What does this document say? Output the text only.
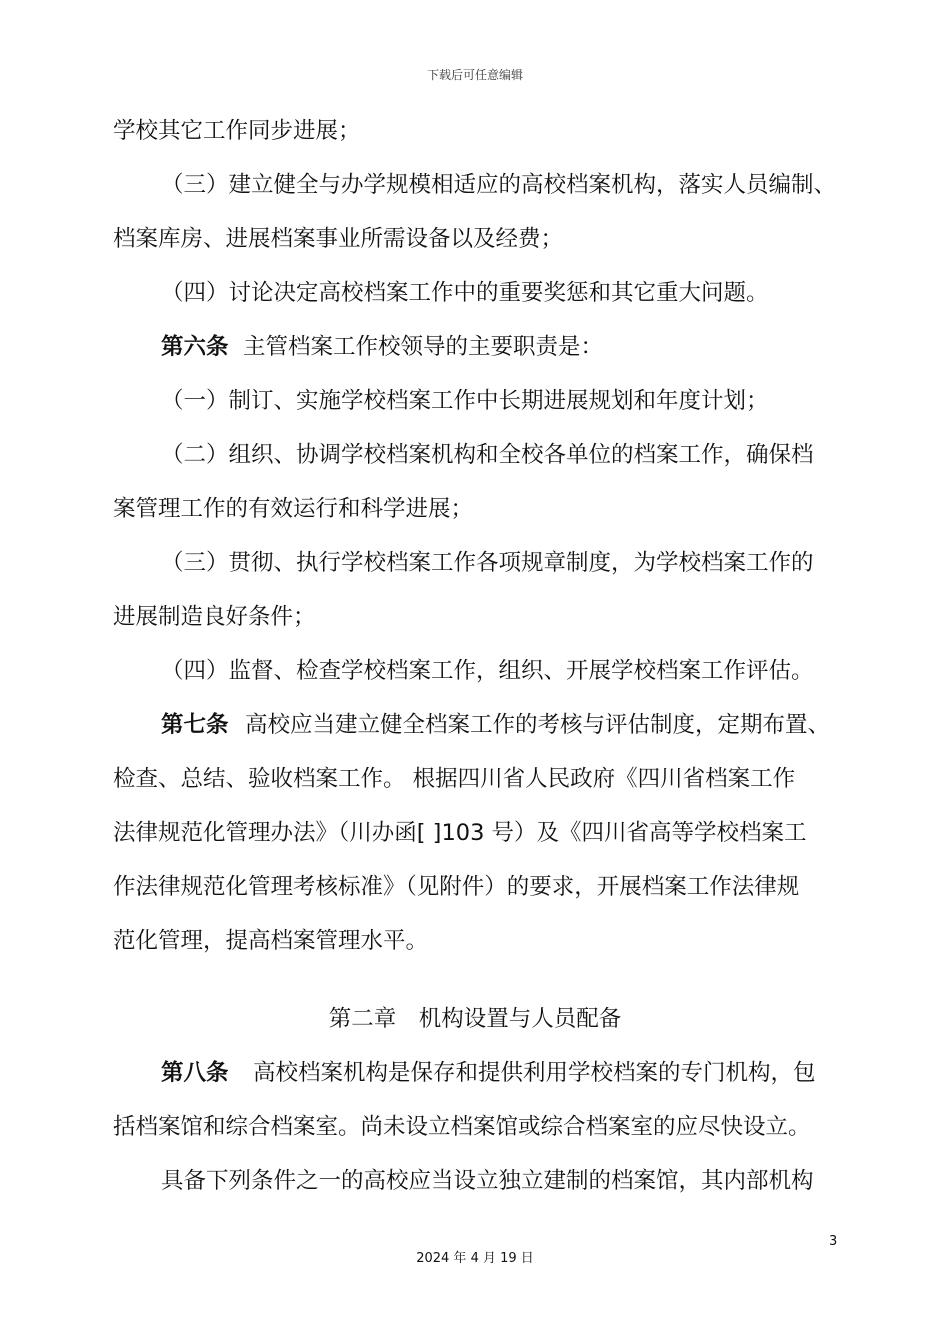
下载后可任意编辑
学校其它工作同步进展；
（三）建立健全与办学规模相适应的高校档案机构，落实人员编制、
档案库房、进展档案事业所需设备以及经费；
（四）讨论决定高校档案工作中的重要奖惩和其它重大问题。
第六条 主管档案工作校领导的主要职责是：
（一）制订、实施学校档案工作中长期进展规划和年度计划；
（二）组织、协调学校档案机构和全校各单位的档案工作，确保档
案管理工作的有效运行和科学进展；
（三）贯彻、执行学校档案工作各项规章制度，为学校档案工作的
进展制造良好条件；
（四）监督、检查学校档案工作，组织、开展学校档案工作评估。
第七条 高校应当建立健全档案工作的考核与评估制度，定期布置、
检查、总结、验收档案工作。 根据四川省人民政府《四川省档案工作
法律规范化管理办法》（川办函[ ]103 号）及《四川省高等学校档案工
作法律规范化管理考核标准》（见附件）的要求，开展档案工作法律规
范化管理，提高档案管理水平。
第二章　机构设置与人员配备
第八条 高校档案机构是保存和提供利用学校档案的专门机构，包
括档案馆和综合档案室。尚未设立档案馆或综合档案室的应尽快设立。
具备下列条件之一的高校应当设立独立建制的档案馆，其内部机构
3
2024 年 4 月 19 日
